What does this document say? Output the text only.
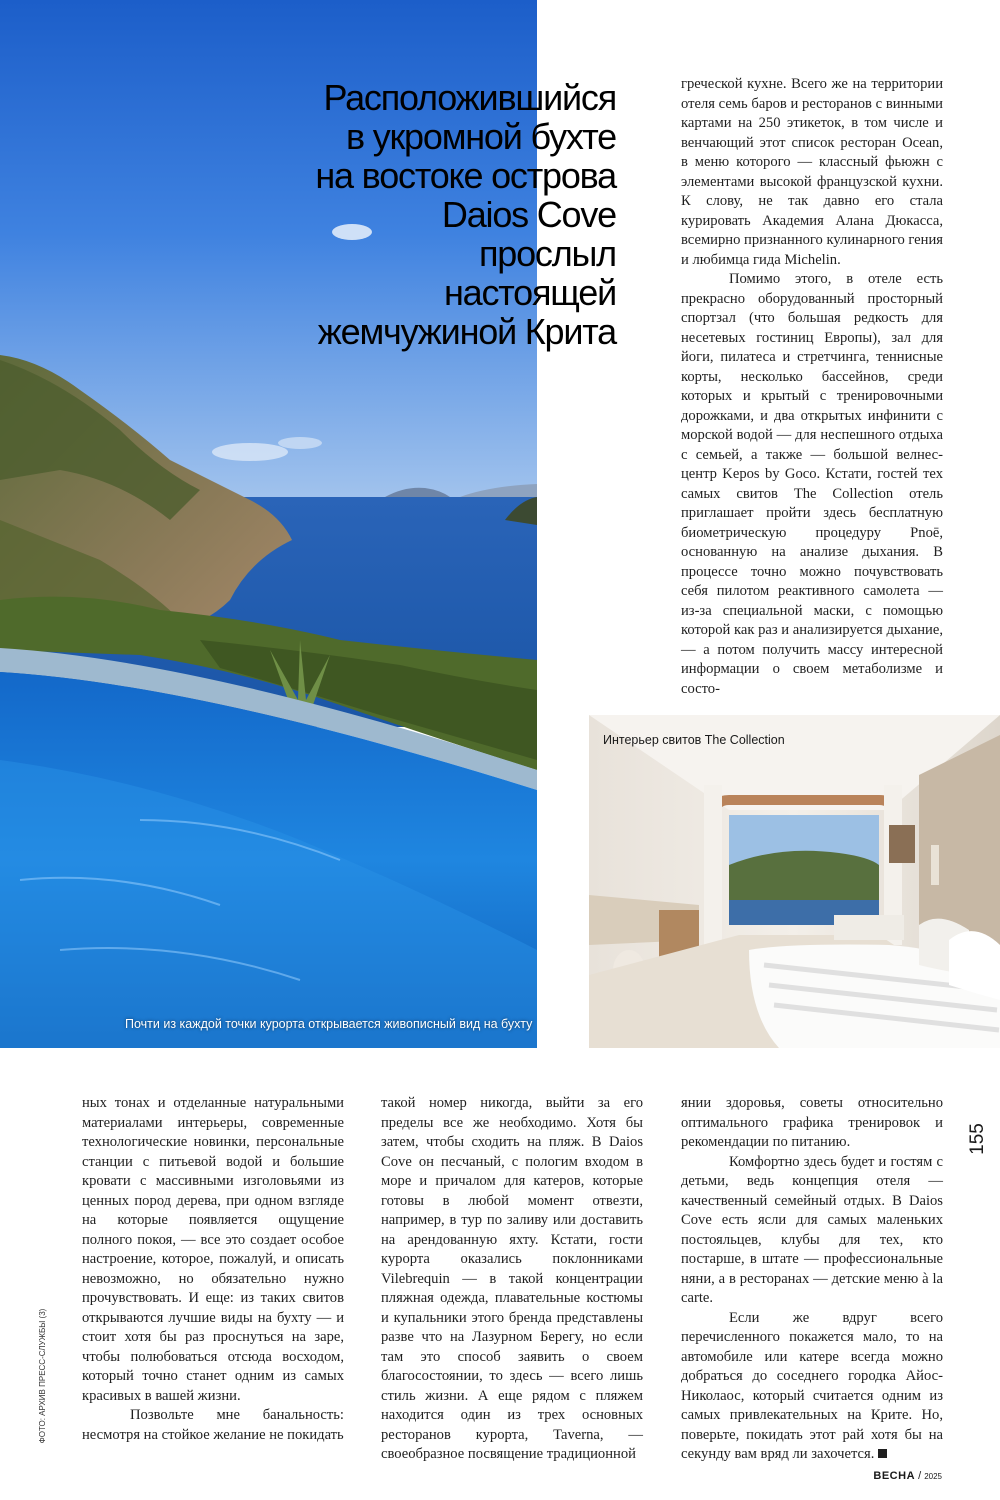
Почти из каждой точки курорта открывается живописный вид на бухту
Расположившийся
в укромной бухте
на востоке острова
Daios Cove
прослыл
настоящей
жемчужиной Крита

греческой кухне. Всего же на территории отеля семь баров и ресторанов с винными картами на 250 этикеток, в том числе и венчающий этот список ресторан Ocean, в меню которого — классный фьюжн с элементами высокой французской кухни. К слову, не так давно его стала курировать Академия Алана Дюкасса, всемирно признанного кулинарного гения и любимца гида Michelin.

Помимо этого, в отеле есть прекрасно оборудованный просторный спортзал (что большая редкость для несетевых гостиниц Европы), зал для йоги, пилатеса и стретчинга, теннисные корты, несколько бассейнов, среди которых и крытый с тренировочными дорожками, и два открытых инфинити с морской водой — для неспешного отдыха с семьей, а также — большой велнес-центр Kepos by Goco. Кстати, гостей тех самых свитов The Collection отель приглашает пройти здесь бесплатную биометрическую процедуру Pnoē, основанную на анализе дыхания. В процессе точно можно почувствовать себя пилотом реактивного самолета — из-за специальной маски, с помощью которой как раз и анализируется дыхание, — а потом получить массу интересной информации о своем метаболизме и состо-

Интерьер свитов The Collection

ных тонах и отделанные натуральными материалами интерьеры, современные технологические новинки, персональные станции с питьевой водой и большие кровати с массивными изголовьями из ценных пород дерева, при одном взгляде на которые появляется ощущение полного покоя, — все это создает особое настроение, которое, пожалуй, и описать невозможно, но обязательно нужно прочувствовать. И еще: из таких свитов открываются лучшие виды на бухту — и стоит хотя бы раз проснуться на заре, чтобы полюбоваться отсюда восходом, который точно станет одним из самых красивых в вашей жизни.

Позвольте мне банальность: несмотря на стойкое желание не покидать

такой номер никогда, выйти за его пределы все же необходимо. Хотя бы затем, чтобы сходить на пляж. В Daios Cove он песчаный, с пологим входом в море и причалом для катеров, которые готовы в любой момент отвезти, например, в тур по заливу или доставить на арендованную яхту. Кстати, гости курорта оказались поклонниками Vilebrequin — в такой концентрации пляжная одежда, плавательные костюмы и купальники этого бренда представлены разве что на Лазурном Берегу, но если там это способ заявить о своем благосостоянии, то здесь — всего лишь стиль жизни. А еще рядом с пляжем находится один из трех основных ресторанов курорта, Taverna, — своеобразное посвящение традиционной

янии здоровья, советы относительно оптимального графика тренировок и рекомендации по питанию.

Комфортно здесь будет и гостям с детьми, ведь концепция отеля — качественный семейный отдых. В Daios Cove есть ясли для самых маленьких постояльцев, клубы для тех, кто постарше, в штате — профессиональные няни, а в ресторанах — детские меню à la carte.

Если же вдруг всего перечисленного покажется мало, то на автомобиле или катере всегда можно добраться до соседнего городка Айос-Николаос, который считается одним из самых привлекательных на Крите. Но, поверьте, покидать этот рай хотя бы на секунду вам вряд ли захочется.

155
ФОТО: АРХИВ ПРЕСС-СЛУЖБЫ (3)
ВЕСНА / 2025
